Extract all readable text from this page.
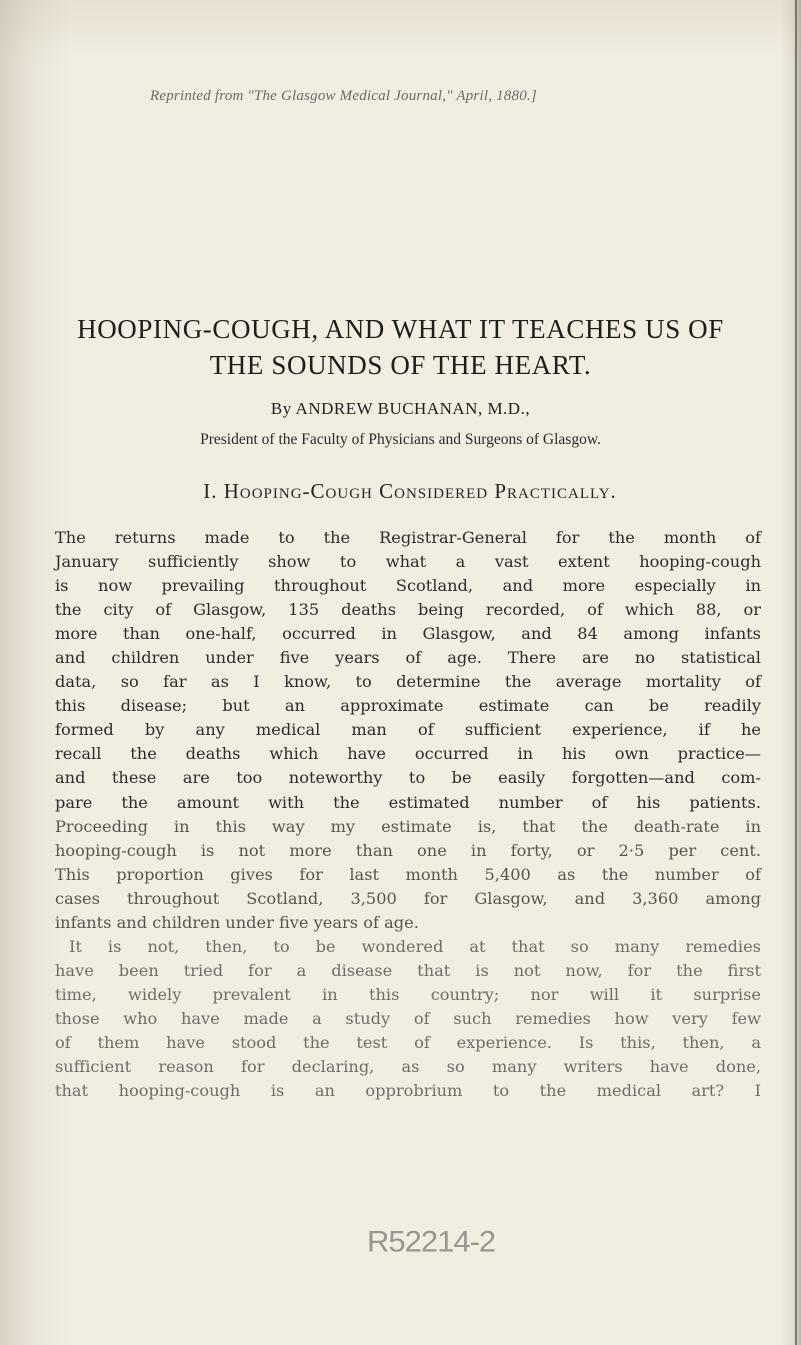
Reprinted from "The Glasgow Medical Journal," April, 1880.]
HOOPING-COUGH, AND WHAT IT TEACHES US OF
THE SOUNDS OF THE HEART.
By ANDREW BUCHANAN, M.D.,
President of the Faculty of Physicians and Surgeons of Glasgow.
I. Hooping-Cough Considered Practically.
The returns made to the Registrar-General for the month of
January sufficiently show to what a vast extent hooping-cough
is now prevailing throughout Scotland, and more especially in
the city of Glasgow, 135 deaths being recorded, of which 88, or
more than one-half, occurred in Glasgow, and 84 among infants
and children under five years of age. There are no statistical
data, so far as I know, to determine the average mortality of
this disease; but an approximate estimate can be readily
formed by any medical man of sufficient experience, if he
recall the deaths which have occurred in his own practice—
and these are too noteworthy to be easily forgotten—and com-
pare the amount with the estimated number of his patients.
Proceeding in this way my estimate is, that the death-rate in
hooping-cough is not more than one in forty, or 2·5 per cent.
This proportion gives for last month 5,400 as the number of
cases throughout Scotland, 3,500 for Glasgow, and 3,360 among
infants and children under five years of age.
It is not, then, to be wondered at that so many remedies
have been tried for a disease that is not now, for the first
time, widely prevalent in this country; nor will it surprise
those who have made a study of such remedies how very few
of them have stood the test of experience. Is this, then, a
sufficient reason for declaring, as so many writers have done,
that hooping-cough is an opprobrium to the medical art? I
R52214-2
